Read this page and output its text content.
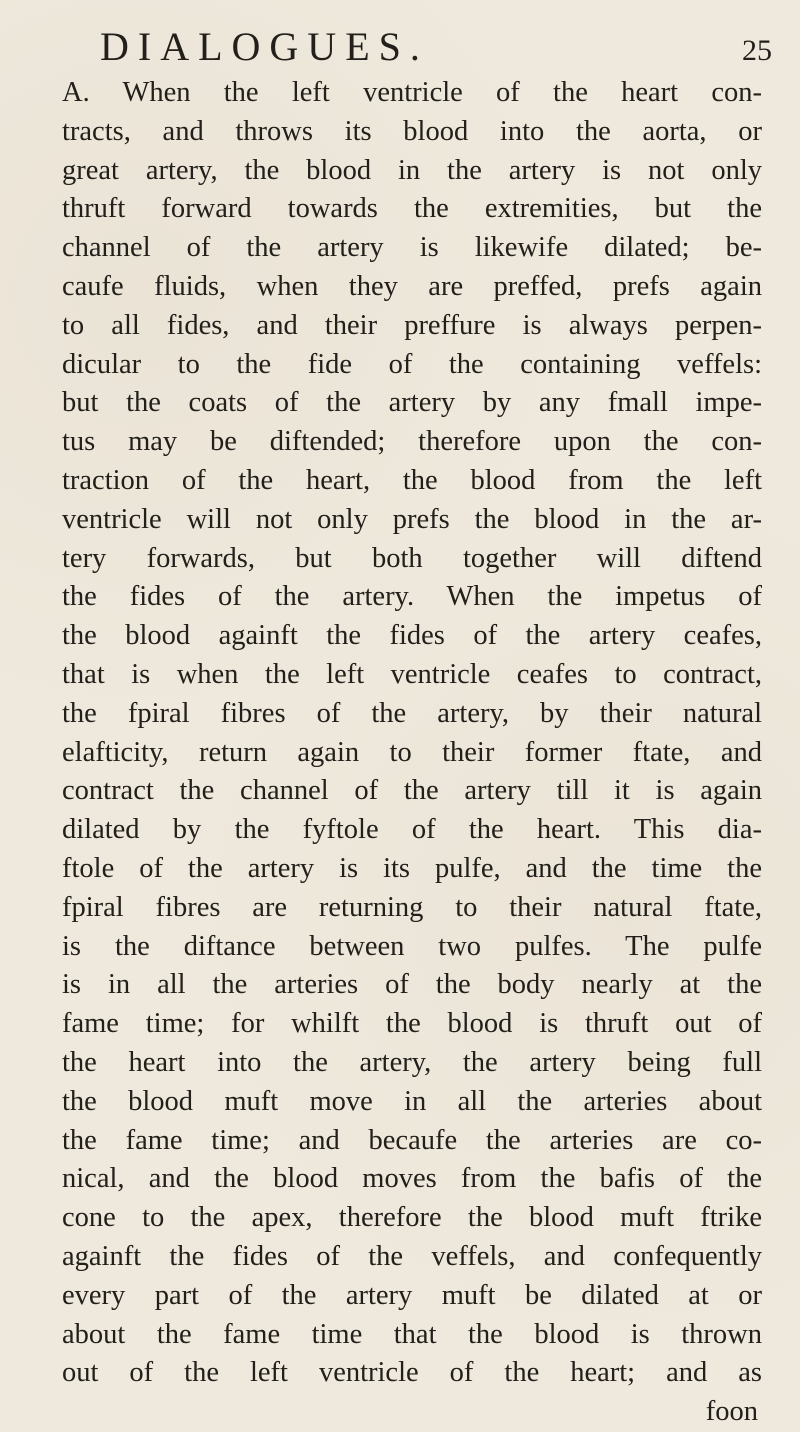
DIALOGUES.	25
A. When the left ventricle of the heart con-
tracts, and throws its blood into the aorta, or
great artery, the blood in the artery is not only
thruft forward towards the extremities, but the
channel of the artery is likewife dilated; be-
caufe fluids, when they are preffed, prefs again
to all fides, and their preffure is always perpen-
dicular to the fide of the containing veffels:
but the coats of the artery by any fmall impe-
tus may be diftended; therefore upon the con-
traction of the heart, the blood from the left
ventricle will not only prefs the blood in the ar-
tery forwards, but both together will diftend
the fides of the artery. When the impetus of
the blood againft the fides of the artery ceafes,
that is when the left ventricle ceafes to contract,
the fpiral fibres of the artery, by their natural
elafticity, return again to their former ftate, and
contract the channel of the artery till it is again
dilated by the fyftole of the heart. This dia-
ftole of the artery is its pulfe, and the time the
fpiral fibres are returning to their natural ftate,
is the diftance between two pulfes. The pulfe
is in all the arteries of the body nearly at the
fame time; for whilft the blood is thruft out of
the heart into the artery, the artery being full
the blood muft move in all the arteries about
the fame time; and becaufe the arteries are co-
nical, and the blood moves from the bafis of the
cone to the apex, therefore the blood muft ftrike
againft the fides of the veffels, and confequently
every part of the artery muft be dilated at or
about the fame time that the blood is thrown
out of the left ventricle of the heart; and as
foon
